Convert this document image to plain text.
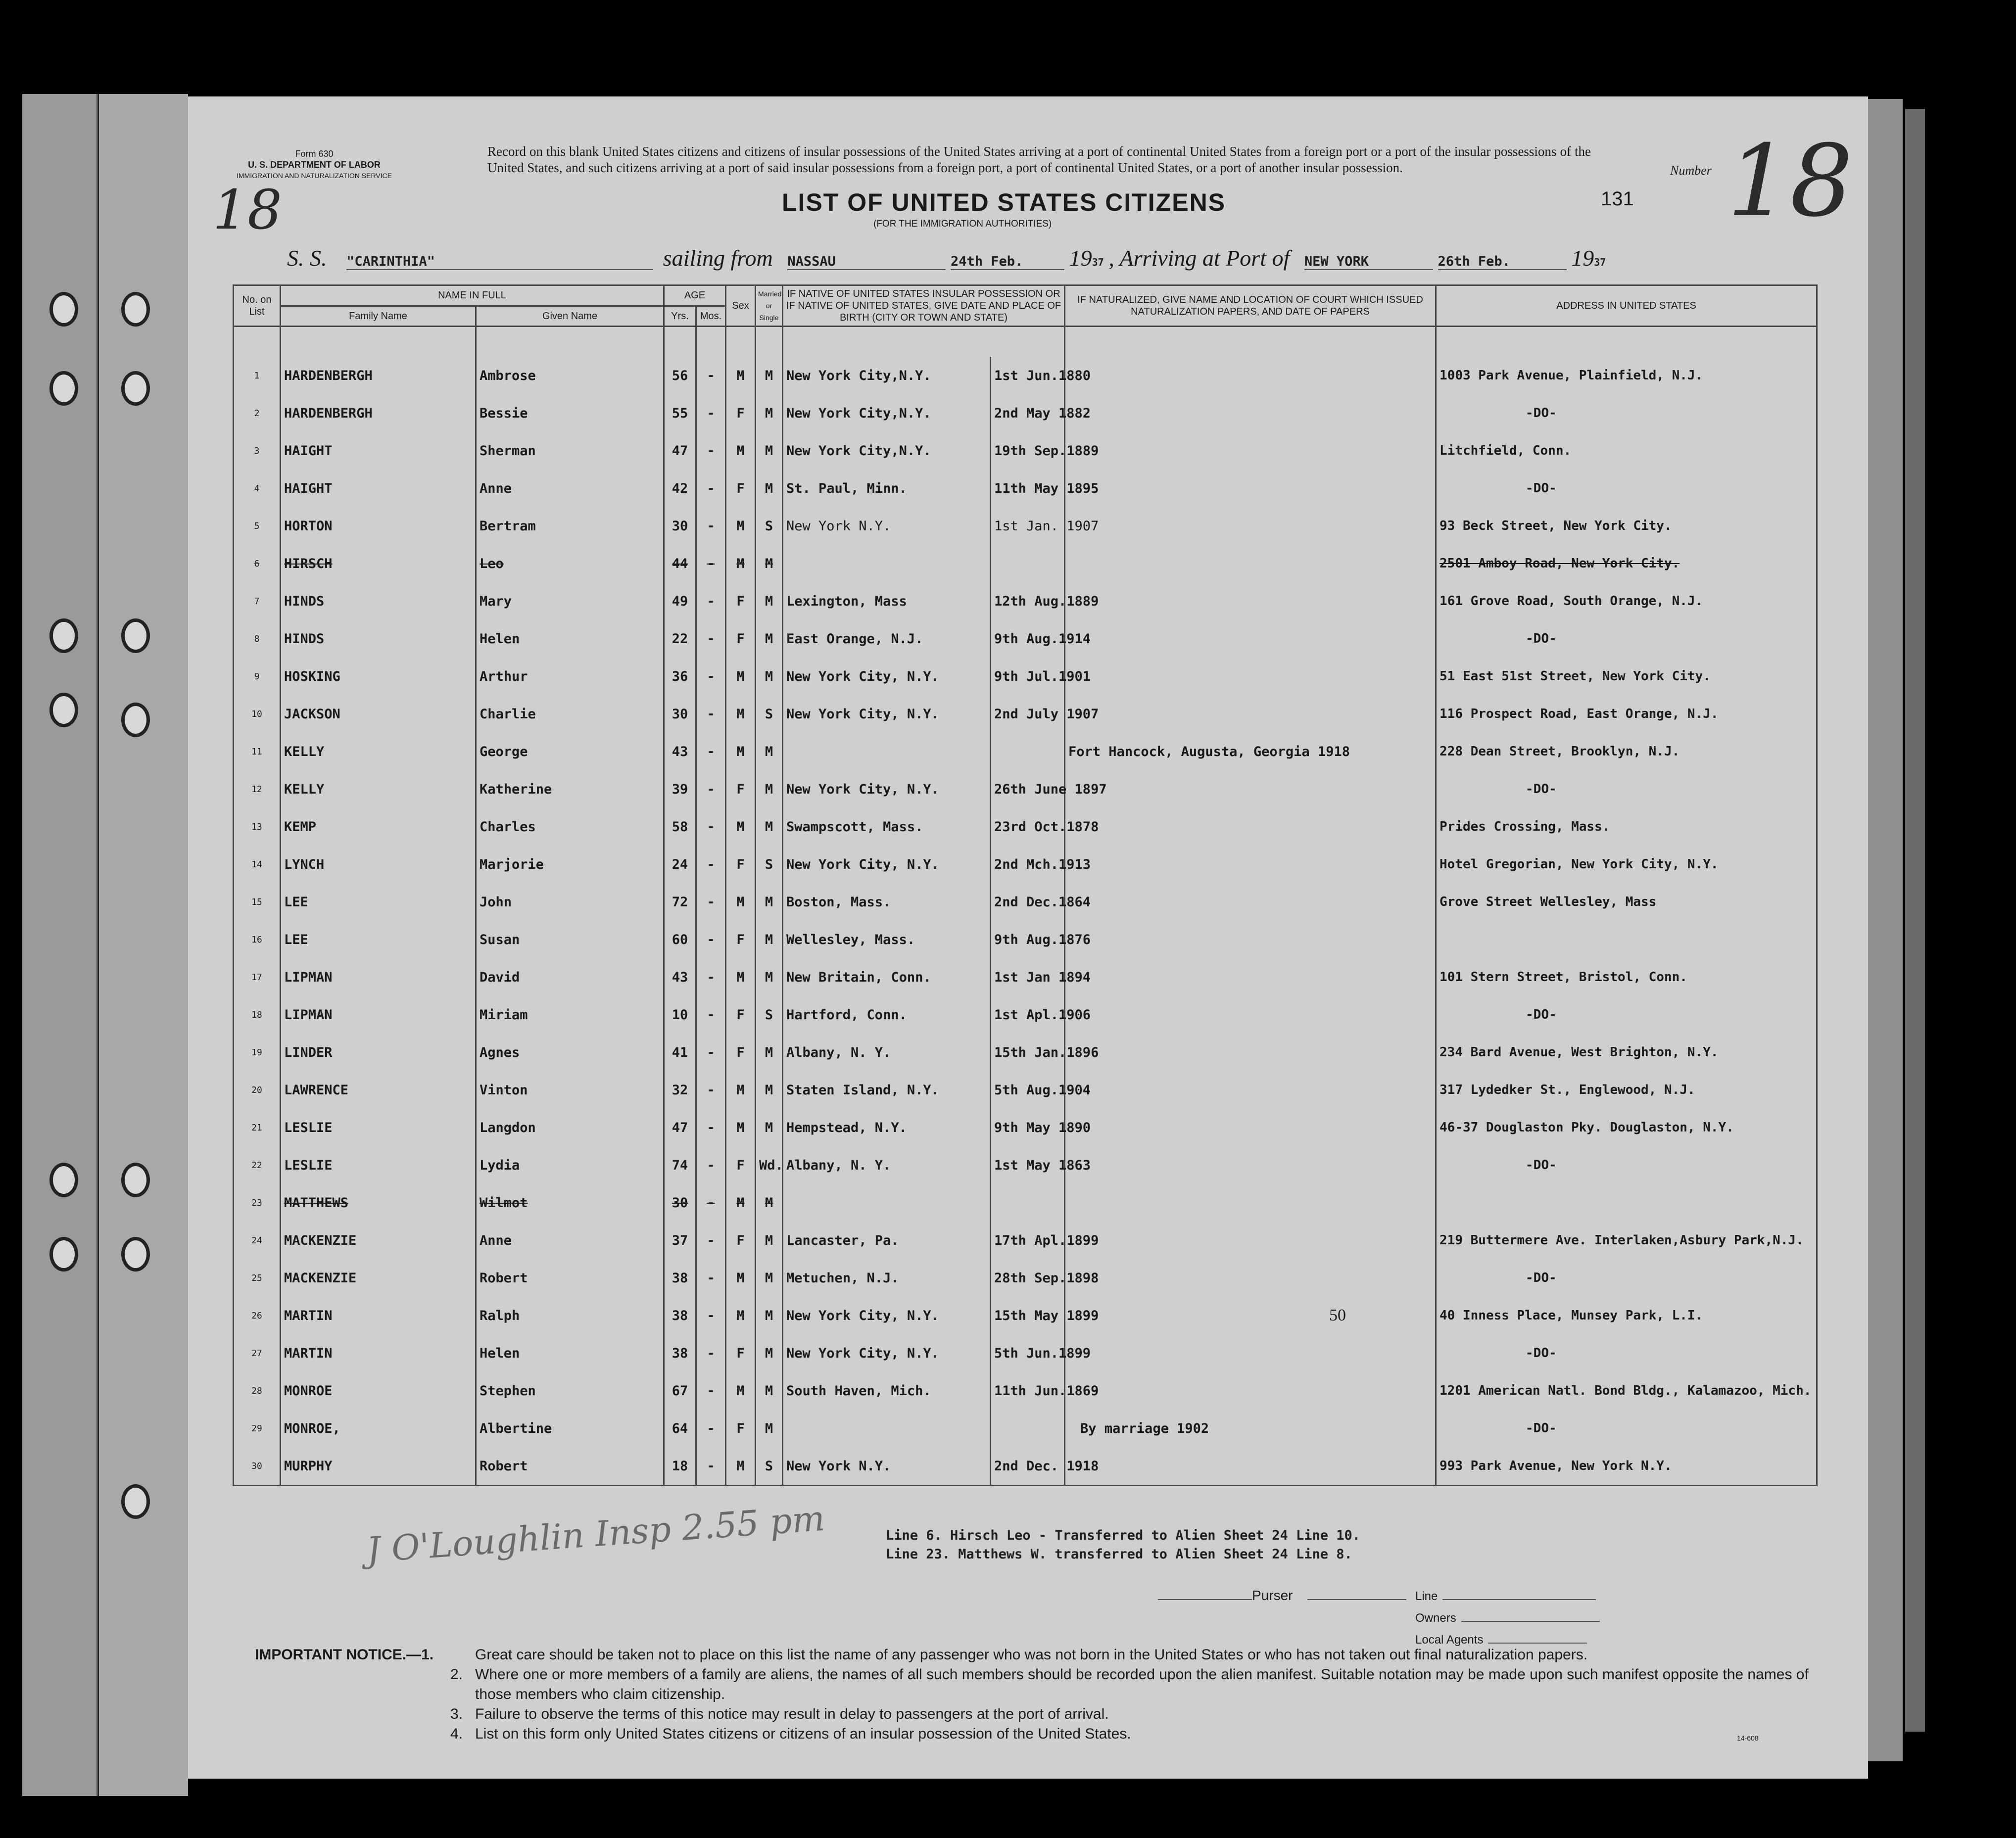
Form 630
U. S. DEPARTMENT OF LABOR
IMMIGRATION AND NATURALIZATION SERVICE
Record on this blank United States citizens and citizens of insular possessions of the United States arriving at a port of continental United States from a foreign port or a port of the insular possessions of the United States, and such citizens arriving at a port of said insular possessions from a foreign port, a port of continental United States, or a port of another insular possession.
LIST OF UNITED STATES CITIZENS
(FOR THE IMMIGRATION AUTHORITIES)
131
Number 18
18
S. S. "CARINTHIA"	sailing from NASSAU	24th Feb. 1937 , Arriving at Port of NEW YORK	26th Feb.	1937
No. on List	NAME IN FULL		AGE		Sex	Married or Single	IF NATIVE OF UNITED STATES INSULAR POSSESSION OR IF NATIVE OF UNITED STATES, GIVE DATE AND PLACE OF BIRTH (CITY OR TOWN AND STATE)		IF NATURALIZED, GIVE NAME AND LOCATION OF COURT WHICH ISSUED NATURALIZATION PAPERS, AND DATE OF PAPERS	ADDRESS IN UNITED STATES
	Family Name	Given Name	Yrs.	Mos.						

1	HARDENBERGH	Ambrose	56	-	M	M	New York City,N.Y.	1st Jun.1880		1003 Park Avenue, Plainfield, N.J.
2	HARDENBERGH	Bessie	55	-	F	M	New York City,N.Y.	2nd May 1882		-DO-
3	HAIGHT	Sherman	47	-	M	M	New York City,N.Y.	19th Sep.1889		Litchfield, Conn.
4	HAIGHT	Anne	42	-	F	M	St. Paul, Minn.	11th May 1895		-DO-
5	HORTON	Bertram	30	-	M	S	New York N.Y.	1st Jan. 1907		93 Beck Street, New York City.
6	HIRSCH	Leo	44	-	M	M				2501 Amboy Road, New York City.
7	HINDS	Mary	49	-	F	M	Lexington, Mass	12th Aug.1889		161 Grove Road, South Orange, N.J.
8	HINDS	Helen	22	-	F	M	East Orange, N.J.	9th Aug.1914		-DO-
9	HOSKING	Arthur	36	-	M	M	New York City, N.Y.	9th Jul.1901		51 East 51st Street, New York City.
10	JACKSON	Charlie	30	-	M	S	New York City, N.Y.	2nd July 1907		116 Prospect Road, East Orange, N.J.
11	KELLY	George	43	-	M	M			Fort Hancock, Augusta, Georgia 1918	228 Dean Street, Brooklyn, N.J.
12	KELLY	Katherine	39	-	F	M	New York City, N.Y.	26th June 1897		-DO-
13	KEMP	Charles	58	-	M	M	Swampscott, Mass.	23rd Oct.1878		Prides Crossing, Mass.
14	LYNCH	Marjorie	24	-	F	S	New York City, N.Y.	2nd Mch.1913		Hotel Gregorian, New York City, N.Y.
15	LEE	John	72	-	M	M	Boston, Mass.	2nd Dec.1864		Grove Street Wellesley, Mass
16	LEE	Susan	60	-	F	M	Wellesley, Mass.	9th Aug.1876		
17	LIPMAN	David	43	-	M	M	New Britain, Conn.	1st Jan 1894		101 Stern Street, Bristol, Conn.
18	LIPMAN	Miriam	10	-	F	S	Hartford, Conn.	1st Apl.1906		-DO-
19	LINDER	Agnes	41	-	F	M	Albany, N. Y.	15th Jan.1896		234 Bard Avenue, West Brighton, N.Y.
20	LAWRENCE	Vinton	32	-	M	M	Staten Island, N.Y.	5th Aug.1904		317 Lydedker St., Englewood, N.J.
21	LESLIE	Langdon	47	-	M	M	Hempstead, N.Y.	9th May 1890		46-37 Douglaston Pky. Douglaston, N.Y.
22	LESLIE	Lydia	74	-	F	Wd.	Albany, N. Y.	1st May 1863		-DO-
23	MATTHEWS	Wilmot	30	-	M	M				
24	MACKENZIE	Anne	37	-	F	M	Lancaster, Pa.	17th Apl.1899		219 Buttermere Ave. Interlaken,Asbury Park,N.J.
25	MACKENZIE	Robert	38	-	M	M	Metuchen, N.J.	28th Sep.1898		-DO-
26	MARTIN	Ralph	38	-	M	M	New York City, N.Y.	15th May 1899	50	40 Inness Place, Munsey Park, L.I.
27	MARTIN	Helen	38	-	F	M	New York City, N.Y.	5th Jun.1899		-DO-
28	MONROE	Stephen	67	-	M	M	South Haven, Mich.	11th Jun.1869		1201 American Natl. Bond Bldg., Kalamazoo, Mich.
29	MONROE,	Albertine	64	-	F	M			By marriage 1902	-DO-
30	MURPHY	Robert	18	-	M	S	New York N.Y.	2nd Dec. 1918		993 Park Avenue, New York N.Y.
Line 6. Hirsch Leo - Transferred to Alien Sheet 24 Line 10.
Line 23. Matthews W. transferred to Alien Sheet 24 Line 8.
J O'Loughlin Insp 2.55 pm
Purser	Line
Owners
Local Agents
IMPORTANT NOTICE.—1.	Great care should be taken not to place on this list the name of any passenger who was not born in the United States or who has not taken out final naturalization papers.
2. Where one or more members of a family are aliens, the names of all such members should be recorded upon the alien manifest. Suitable notation may be made upon such manifest opposite the names of those members who claim citizenship.
3. Failure to observe the terms of this notice may result in delay to passengers at the port of arrival.
4. List on this form only United States citizens or citizens of an insular possession of the United States.	14-608
